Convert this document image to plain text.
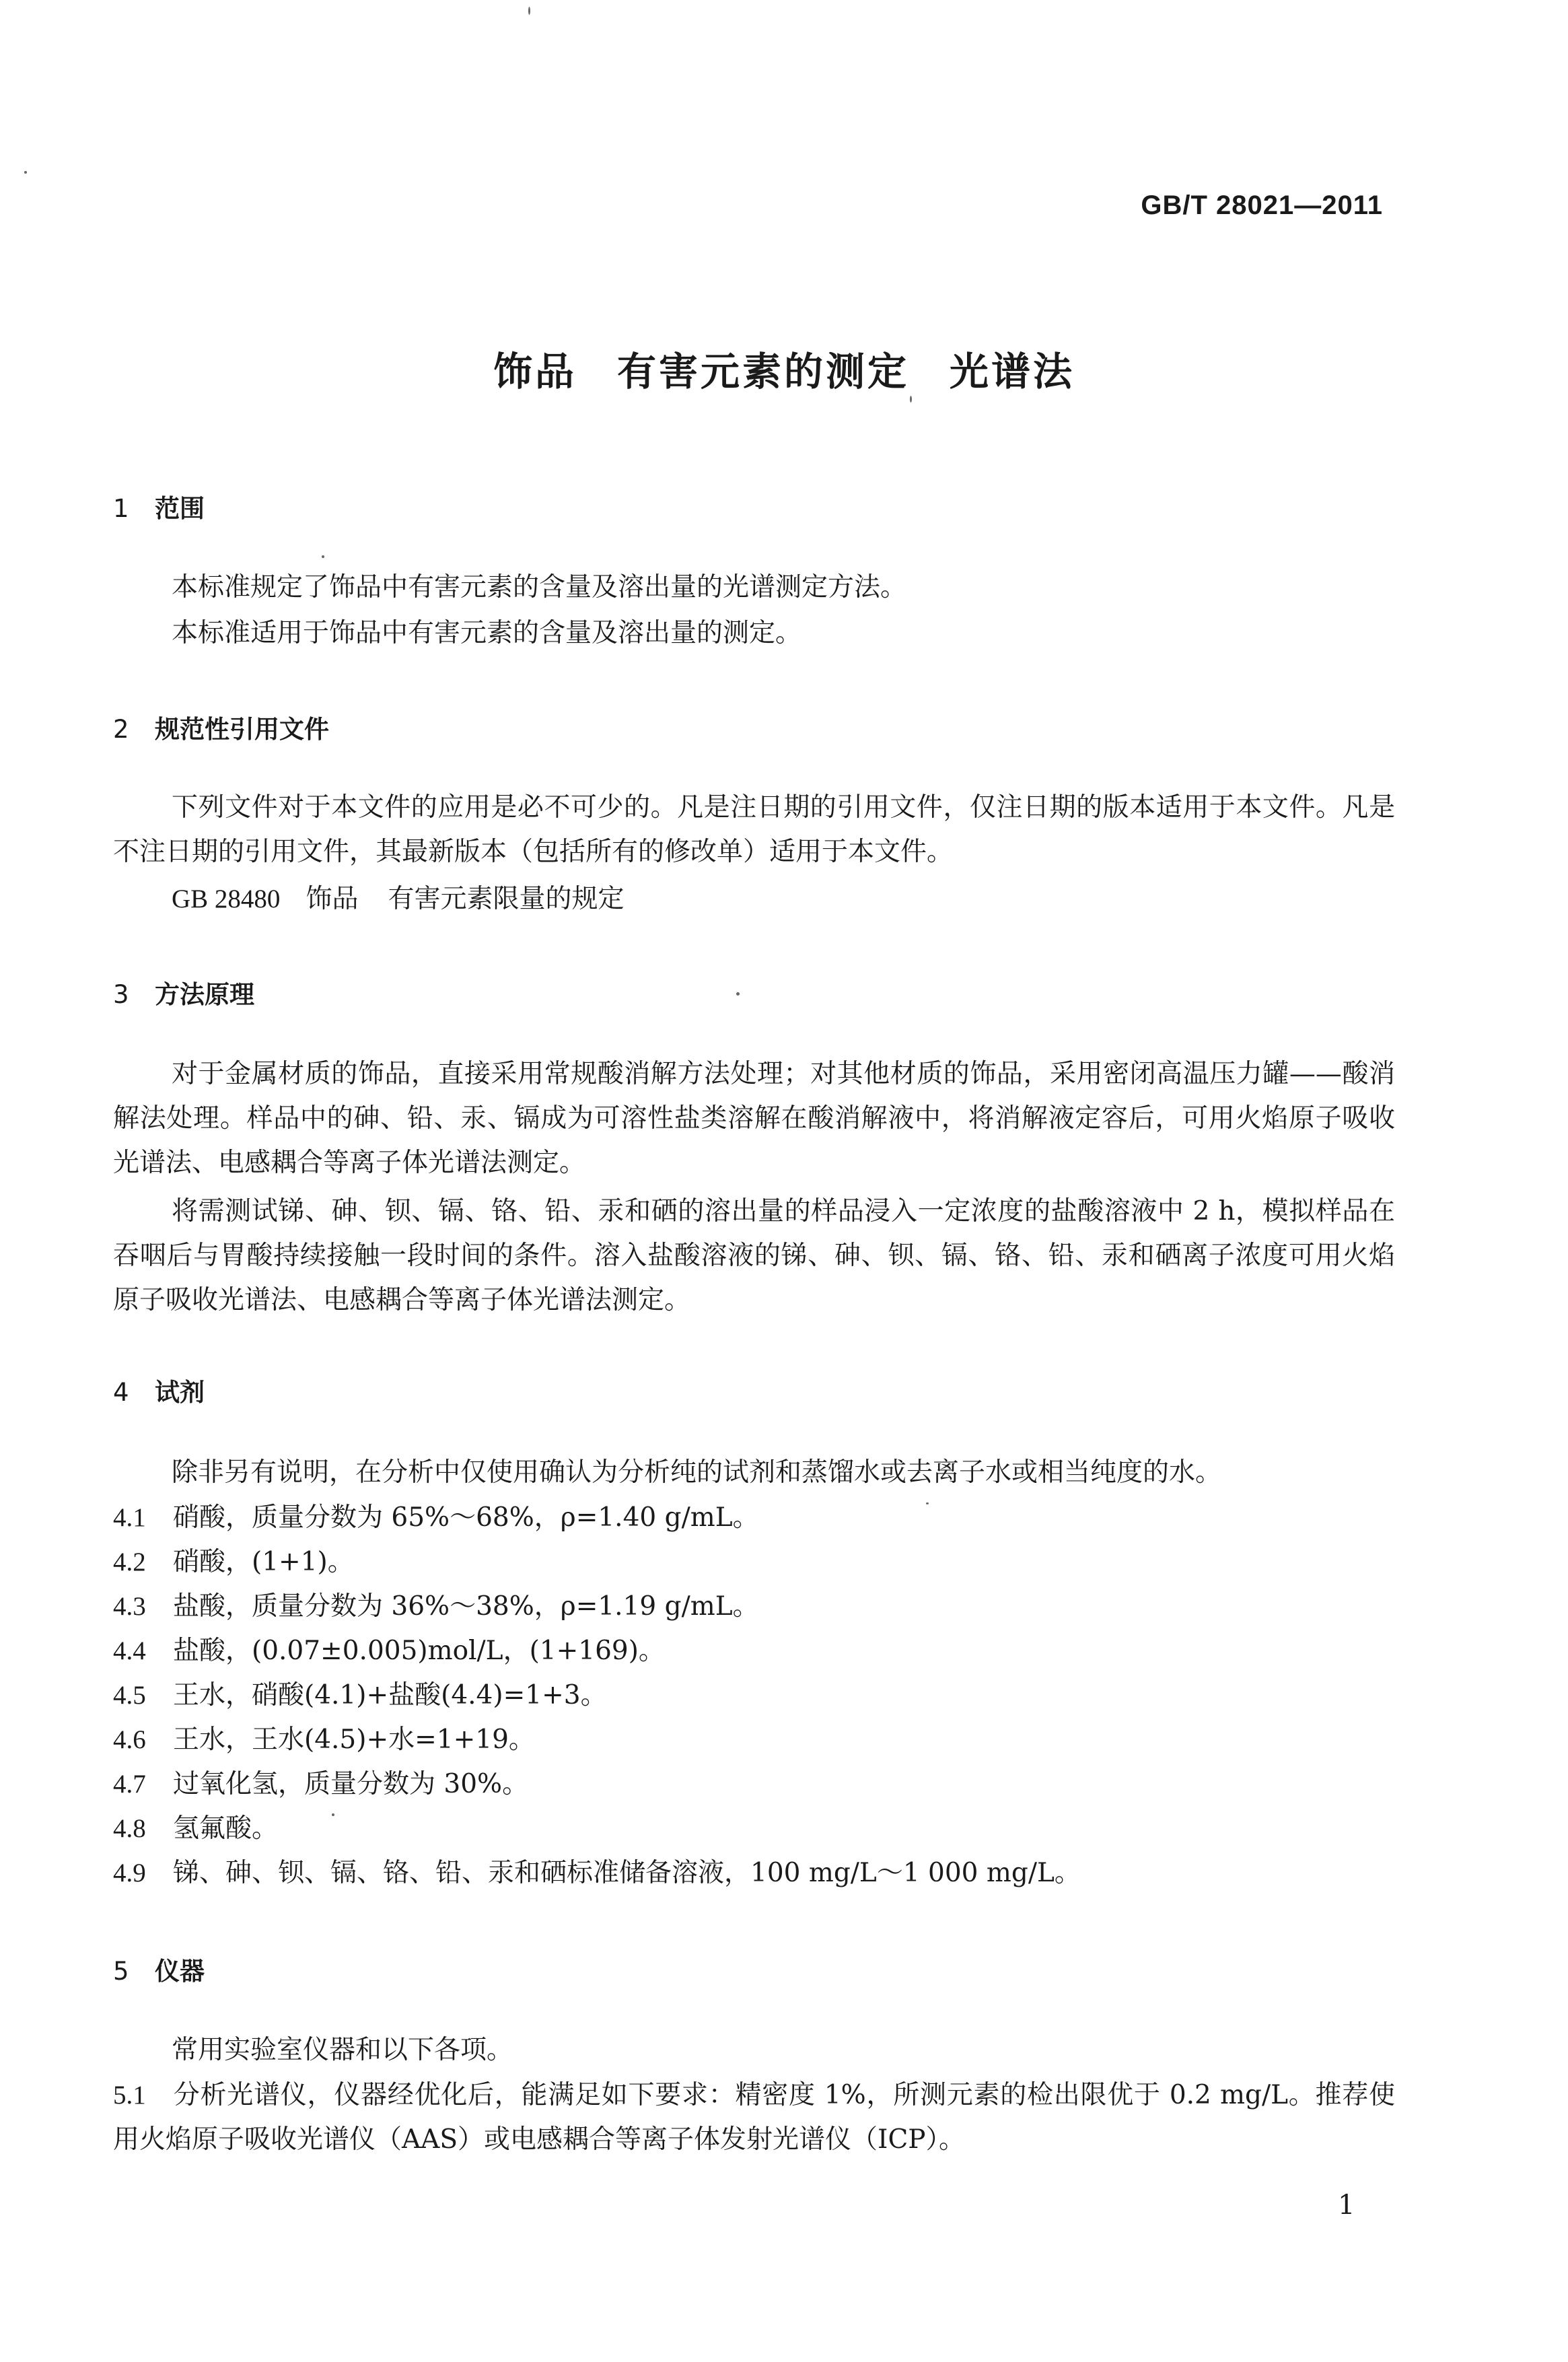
GB/T 28021—2011
饰品 有害元素的测定 光谱法
1 范围
本标准规定了饰品中有害元素的含量及溶出量的光谱测定方法。
本标准适用于饰品中有害元素的含量及溶出量的测定。
2 规范性引用文件
下列文件对于本文件的应用是必不可少的。凡是注日期的引用文件，仅注日期的版本适用于本文件。凡是不注日期的引用文件，其最新版本（包括所有的修改单）适用于本文件。
GB 28480 饰品 有害元素限量的规定
3 方法原理
对于金属材质的饰品，直接采用常规酸消解方法处理；对其他材质的饰品，采用密闭高温压力罐——酸消解法处理。样品中的砷、铅、汞、镉成为可溶性盐类溶解在酸消解液中，将消解液定容后，可用火焰原子吸收光谱法、电感耦合等离子体光谱法测定。
将需测试锑、砷、钡、镉、铬、铅、汞和硒的溶出量的样品浸入一定浓度的盐酸溶液中 2 h，模拟样品在吞咽后与胃酸持续接触一段时间的条件。溶入盐酸溶液的锑、砷、钡、镉、铬、铅、汞和硒离子浓度可用火焰原子吸收光谱法、电感耦合等离子体光谱法测定。
4 试剂
除非另有说明，在分析中仅使用确认为分析纯的试剂和蒸馏水或去离子水或相当纯度的水。
4.1 硝酸，质量分数为 65%～68%，ρ=1.40 g/mL。
4.2 硝酸，(1+1)。
4.3 盐酸，质量分数为 36%～38%，ρ=1.19 g/mL。
4.4 盐酸，(0.07±0.005)mol/L，(1+169)。
4.5 王水，硝酸(4.1)+盐酸(4.4)=1+3。
4.6 王水，王水(4.5)+水=1+19。
4.7 过氧化氢，质量分数为 30%。
4.8 氢氟酸。
4.9 锑、砷、钡、镉、铬、铅、汞和硒标准储备溶液，100 mg/L～1 000 mg/L。
5 仪器
常用实验室仪器和以下各项。
5.1 分析光谱仪，仪器经优化后，能满足如下要求：精密度 1%，所测元素的检出限优于 0.2 mg/L。推荐使用火焰原子吸收光谱仪（AAS）或电感耦合等离子体发射光谱仪（ICP）。
1
